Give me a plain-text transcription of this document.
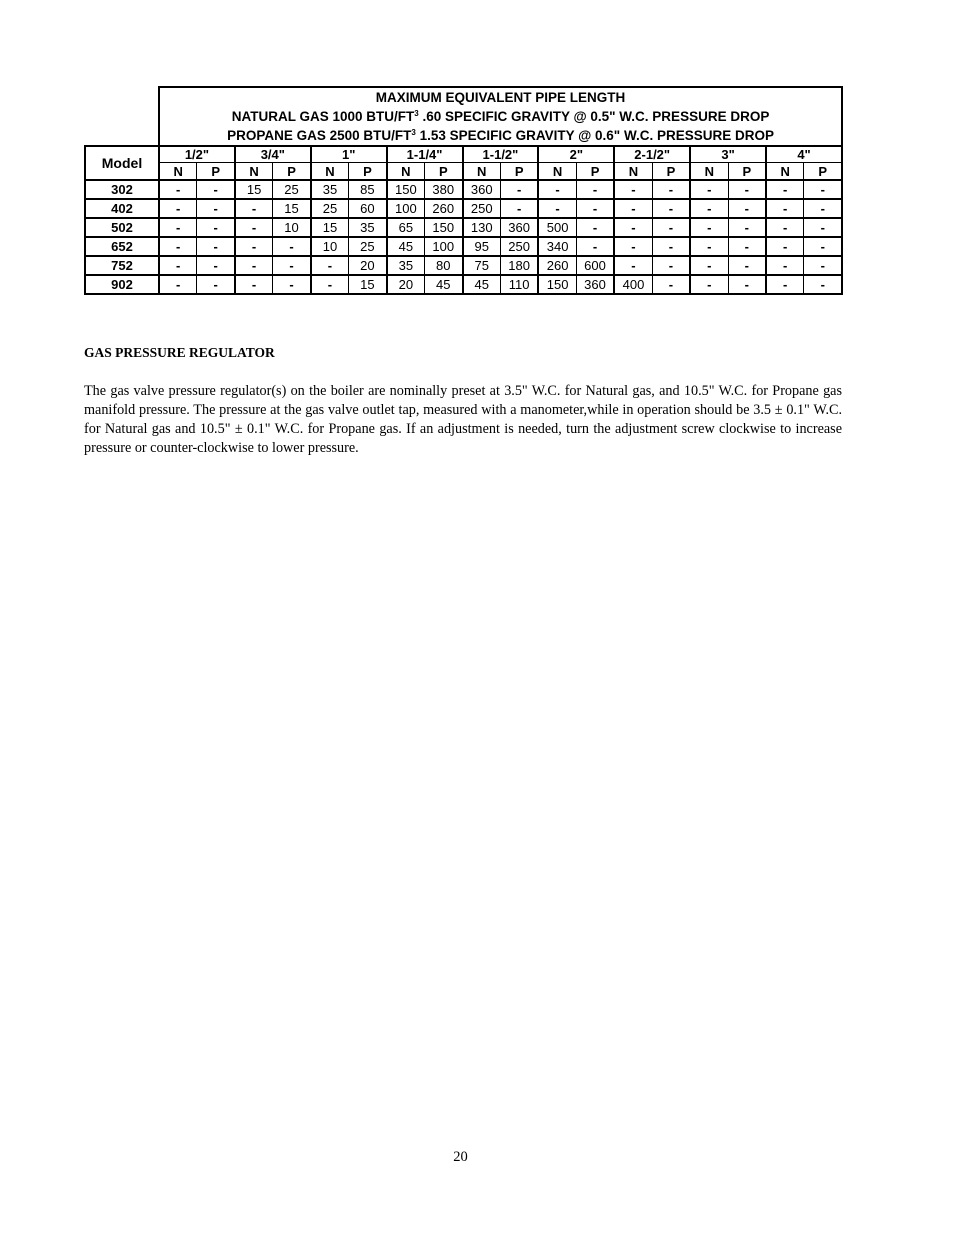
	MAXIMUM EQUIVALENT PIPE LENGTH
NATURAL GAS 1000 BTU/$FT^3$ .60 SPECIFIC GRAVITY @ 0.5" W.C. PRESSURE DROP
PROPANE GAS 2500 BTU/$FT^3$ 1.53 SPECIFIC GRAVITY @ 0.6" W.C. PRESSURE DROP																	

Model	1/2"		3/4"		1"		1-1/4"		1-1/2"		2"		2-1/2"		3"		4"	
	N	P	N	P	N	P	N	P	N	P	N	P	N	P	N	P	N	P
302	-	-	15	25	35	85	150	380	360	-	-	-	-	-	-	-	-	-
402	-	-	-	15	25	60	100	260	250	-	-	-	-	-	-	-	-	-
502	-	-	-	10	15	35	65	150	130	360	500	-	-	-	-	-	-	-
652	-	-	-	-	10	25	45	100	95	250	340	-	-	-	-	-	-	-
752	-	-	-	-	-	20	35	80	75	180	260	600	-	-	-	-	-	-
902	-	-	-	-	-	15	20	45	45	110	150	360	400	-	-	-	-	-
GAS PRESSURE REGULATOR

The gas valve pressure regulator(s) on the boiler are nominally preset at 3.5" W.C. for Natural gas, and 10.5" W.C. for Propane gas manifold pressure. The pressure at the gas valve outlet tap, measured with a manometer,while in operation should be 3.5 ± 0.1" W.C. for Natural gas and 10.5" ± 0.1" W.C. for Propane gas. If an adjustment is needed, turn the adjustment screw clockwise to increase pressure or counter-clockwise to lower pressure.

20
